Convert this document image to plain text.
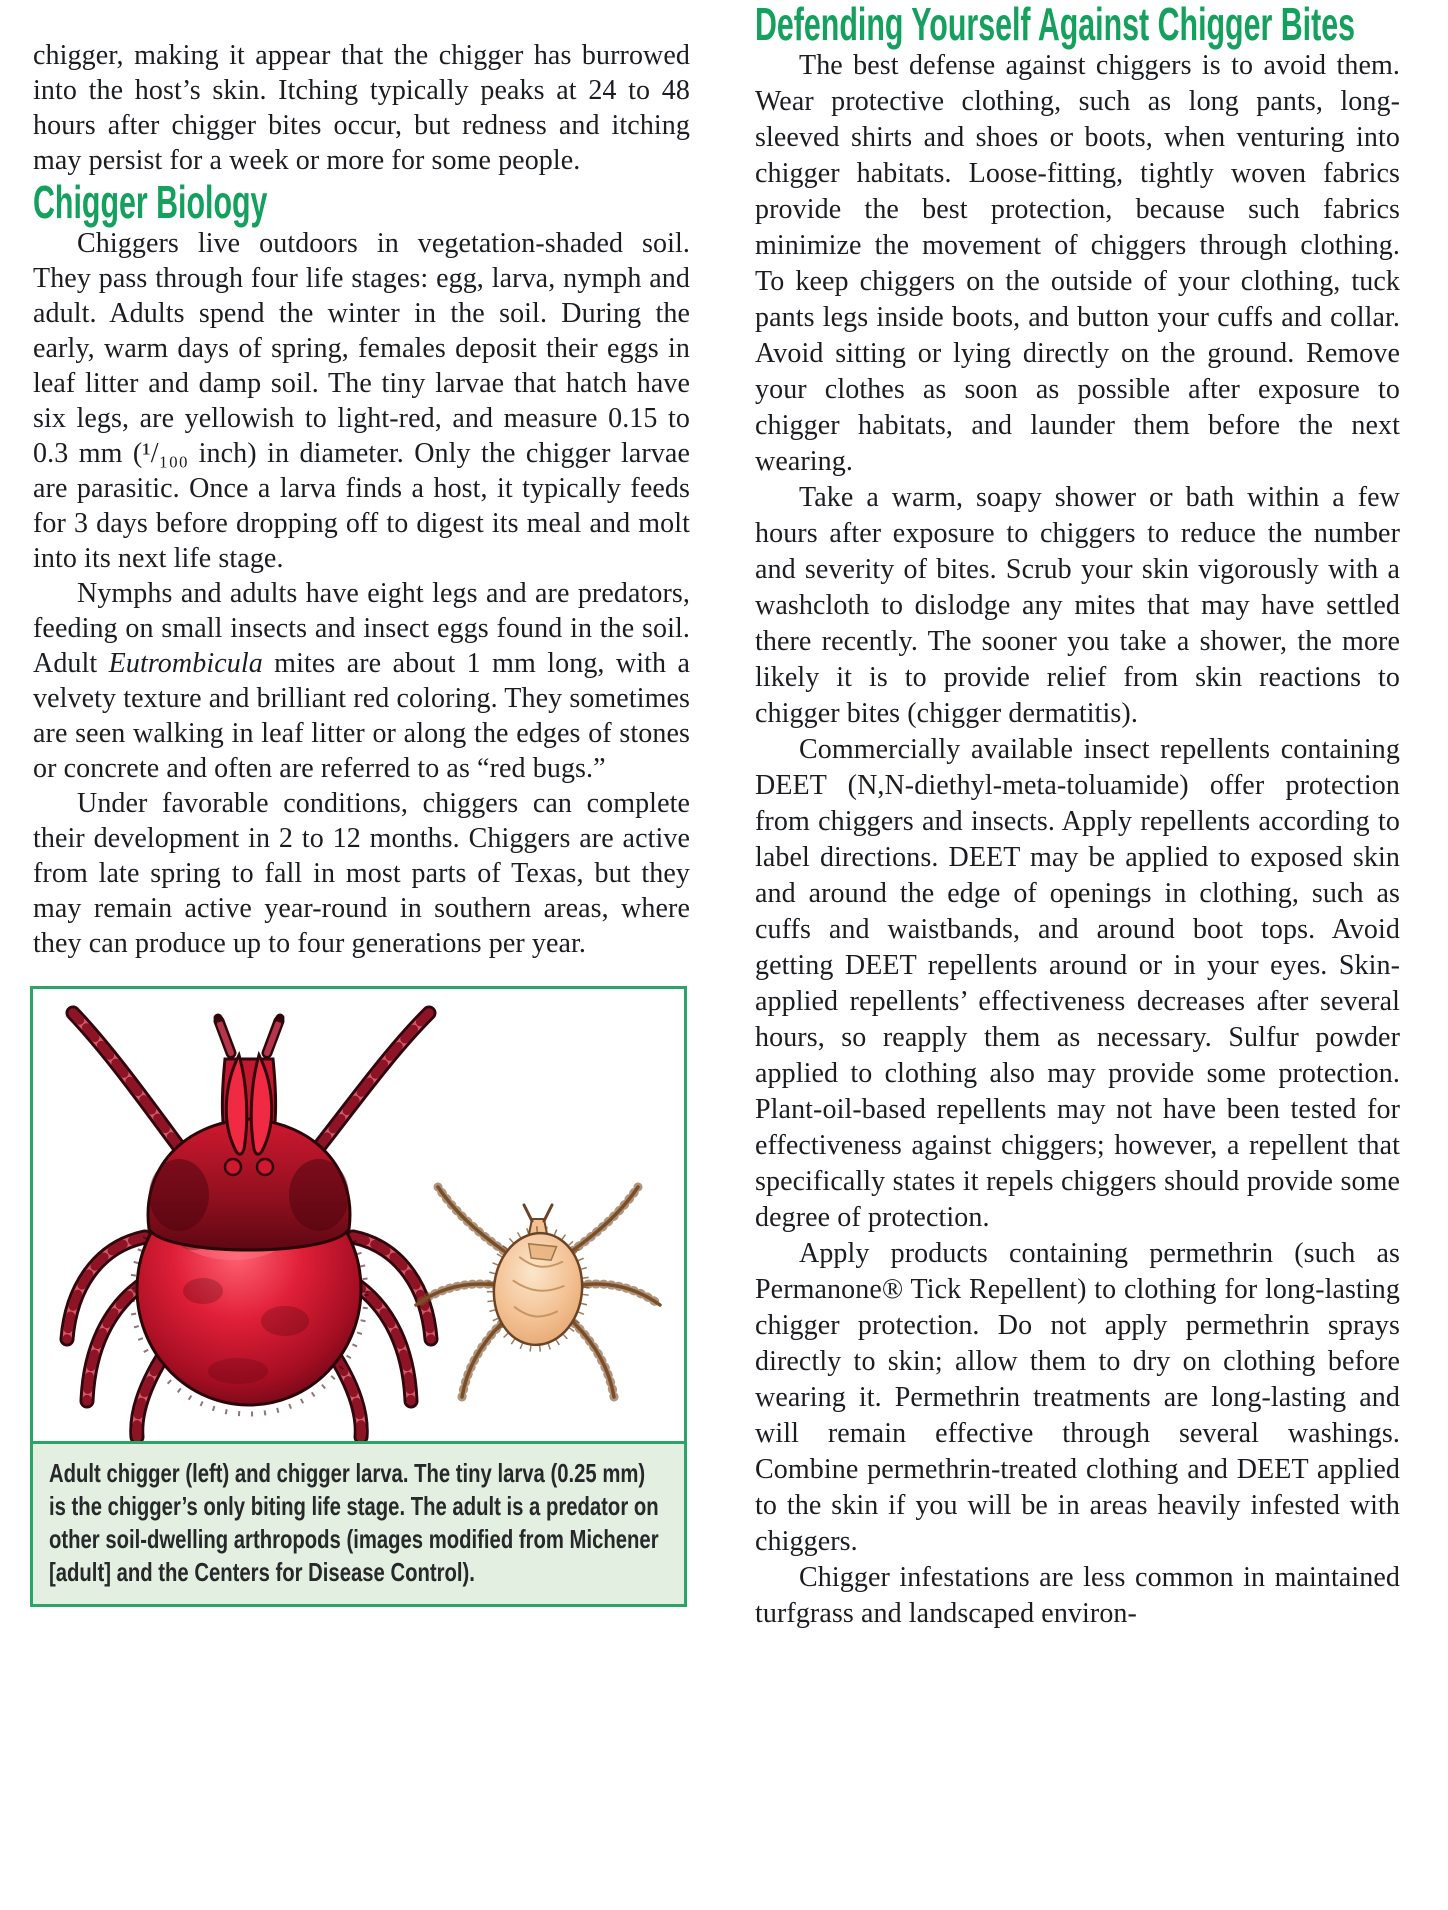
chigger, making it appear that the chigger has burrowed into the host’s skin. Itching typically peaks at 24 to 48 hours after chigger bites occur, but redness and itching may persist for a week or more for some people.

Chigger Biology

Chiggers live outdoors in vegetation-shaded soil. They pass through four life stages: egg, larva, nymph and adult. Adults spend the winter in the soil. During the early, warm days of spring, females deposit their eggs in leaf litter and damp soil. The tiny larvae that hatch have six legs, are yellowish to light-red, and measure 0.15 to 0.3 mm (¹/₁₀₀ inch) in diameter. Only the chigger larvae are parasitic. Once a larva finds a host, it typically feeds for 3 days before dropping off to digest its meal and molt into its next life stage.

Nymphs and adults have eight legs and are predators, feeding on small insects and insect eggs found in the soil. Adult Eutrombicula mites are about 1 mm long, with a velvety texture and brilliant red coloring. They sometimes are seen walking in leaf litter or along the edges of stones or concrete and often are referred to as “red bugs.”

Under favorable conditions, chiggers can complete their development in 2 to 12 months. Chiggers are active from late spring to fall in most parts of Texas, but they may remain active year-round in southern areas, where they can produce up to four generations per year.

Adult chigger (left) and chigger larva. The tiny larva (0.25 mm) is the chigger’s only biting life stage. The adult is a predator on other soil-dwelling arthropods (images modified from Michener [adult] and the Centers for Disease Control).
Defending Yourself Against Chigger Bites

The best defense against chiggers is to avoid them. Wear protective clothing, such as long pants, long-sleeved shirts and shoes or boots, when venturing into chigger habitats. Loose-fitting, tightly woven fabrics provide the best protection, because such fabrics minimize the movement of chiggers through clothing. To keep chiggers on the outside of your clothing, tuck pants legs inside boots, and button your cuffs and collar. Avoid sitting or lying directly on the ground. Remove your clothes as soon as possible after exposure to chigger habitats, and launder them before the next wearing.

Take a warm, soapy shower or bath within a few hours after exposure to chiggers to reduce the number and severity of bites. Scrub your skin vigorously with a washcloth to dislodge any mites that may have settled there recently. The sooner you take a shower, the more likely it is to provide relief from skin reactions to chigger bites (chigger dermatitis).

Commercially available insect repellents containing DEET (N,N-diethyl-meta-toluamide) offer protection from chiggers and insects. Apply repellents according to label directions. DEET may be applied to exposed skin and around the edge of openings in clothing, such as cuffs and waistbands, and around boot tops. Avoid getting DEET repellents around or in your eyes. Skin-applied repellents’ effectiveness decreases after several hours, so reapply them as necessary. Sulfur powder applied to clothing also may provide some protection. Plant-oil-based repellents may not have been tested for effectiveness against chiggers; however, a repellent that specifically states it repels chiggers should provide some degree of protection.

Apply products containing permethrin (such as Permanone® Tick Repellent) to clothing for long-lasting chigger protection. Do not apply permethrin sprays directly to skin; allow them to dry on clothing before wearing it. Permethrin treatments are long-lasting and will remain effective through several washings. Combine permethrin-treated clothing and DEET applied to the skin if you will be in areas heavily infested with chiggers.

Chigger infestations are less common in maintained turfgrass and landscaped environ-
